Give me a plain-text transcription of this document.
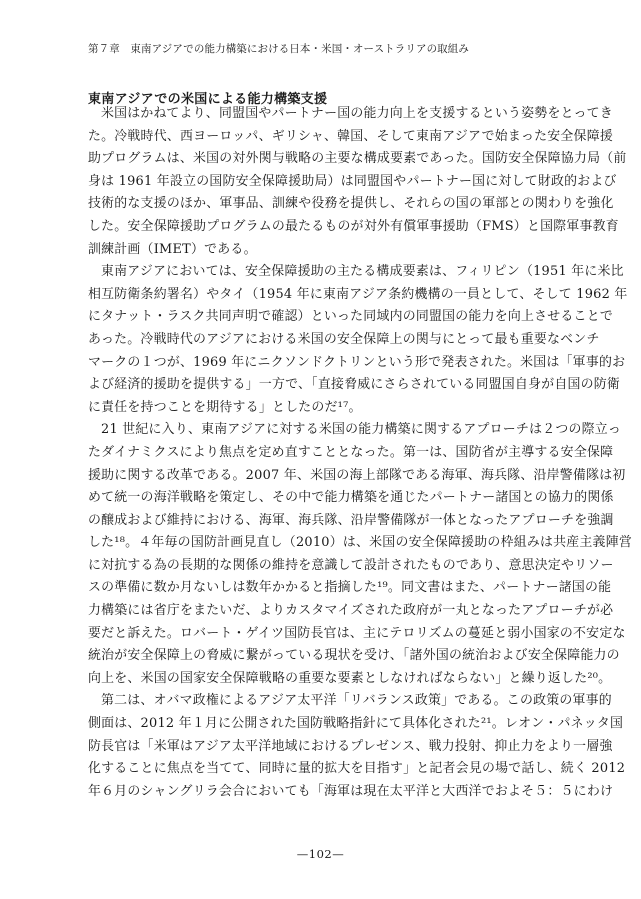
第７章　東南アジアでの能力構築における日本・米国・オーストラリアの取組み
東南アジアでの米国による能力構築支援
米国はかねてより、同盟国やパートナー国の能力向上を支援するという姿勢をとってき
た。冷戦時代、西ヨーロッパ、ギリシャ、韓国、そして東南アジアで始まった安全保障援
助プログラムは、米国の対外関与戦略の主要な構成要素であった。国防安全保障協力局（前
身は 1961 年設立の国防安全保障援助局）は同盟国やパートナー国に対して財政的および
技術的な支援のほか、軍事品、訓練や役務を提供し、それらの国の軍部との関わりを強化
した。安全保障援助プログラムの最たるものが対外有償軍事援助（FMS）と国際軍事教育
訓練計画（IMET）である。
東南アジアにおいては、安全保障援助の主たる構成要素は、フィリピン（1951 年に米比
相互防衛条約署名）やタイ（1954 年に東南アジア条約機構の一員として、そして 1962 年
にタナット・ラスク共同声明で確認）といった同域内の同盟国の能力を向上させることで
あった。冷戦時代のアジアにおける米国の安全保障上の関与にとって最も重要なベンチ
マークの１つが、1969 年にニクソンドクトリンという形で発表された。米国は「軍事的お
よび経済的援助を提供する」一方で、「直接脅威にさらされている同盟国自身が自国の防衛
に責任を持つことを期待する」としたのだ¹⁷。
21 世紀に入り、東南アジアに対する米国の能力構築に関するアプローチは２つの際立っ
たダイナミクスにより焦点を定め直すこととなった。第一は、国防省が主導する安全保障
援助に関する改革である。2007 年、米国の海上部隊である海軍、海兵隊、沿岸警備隊は初
めて統一の海洋戦略を策定し、その中で能力構築を通じたパートナー諸国との協力的関係
の醸成および維持における、海軍、海兵隊、沿岸警備隊が一体となったアプローチを強調
した¹⁸。４年毎の国防計画見直し（2010）は、米国の安全保障援助の枠組みは共産主義陣営
に対抗する為の長期的な関係の維持を意識して設計されたものであり、意思決定やリソー
スの準備に数か月ないしは数年かかると指摘した¹⁹。同文書はまた、パートナー諸国の能
力構築には省庁をまたいだ、よりカスタマイズされた政府が一丸となったアプローチが必
要だと訴えた。ロバート・ゲイツ国防長官は、主にテロリズムの蔓延と弱小国家の不安定な
統治が安全保障上の脅威に繋がっている現状を受け、「諸外国の統治および安全保障能力の
向上を、米国の国家安全保障戦略の重要な要素としなければならない」と繰り返した²⁰。
第二は、オバマ政権によるアジア太平洋「リバランス政策」である。この政策の軍事的
側面は、2012 年１月に公開された国防戦略指針にて具体化された²¹。レオン・パネッタ国
防長官は「米軍はアジア太平洋地域におけるプレゼンス、戦力投射、抑止力をより一層強
化することに焦点を当てて、同時に量的拡大を目指す」と記者会見の場で話し、続く 2012
年６月のシャングリラ会合においても「海軍は現在太平洋と大西洋でおよそ５：５にわけ
—102—
